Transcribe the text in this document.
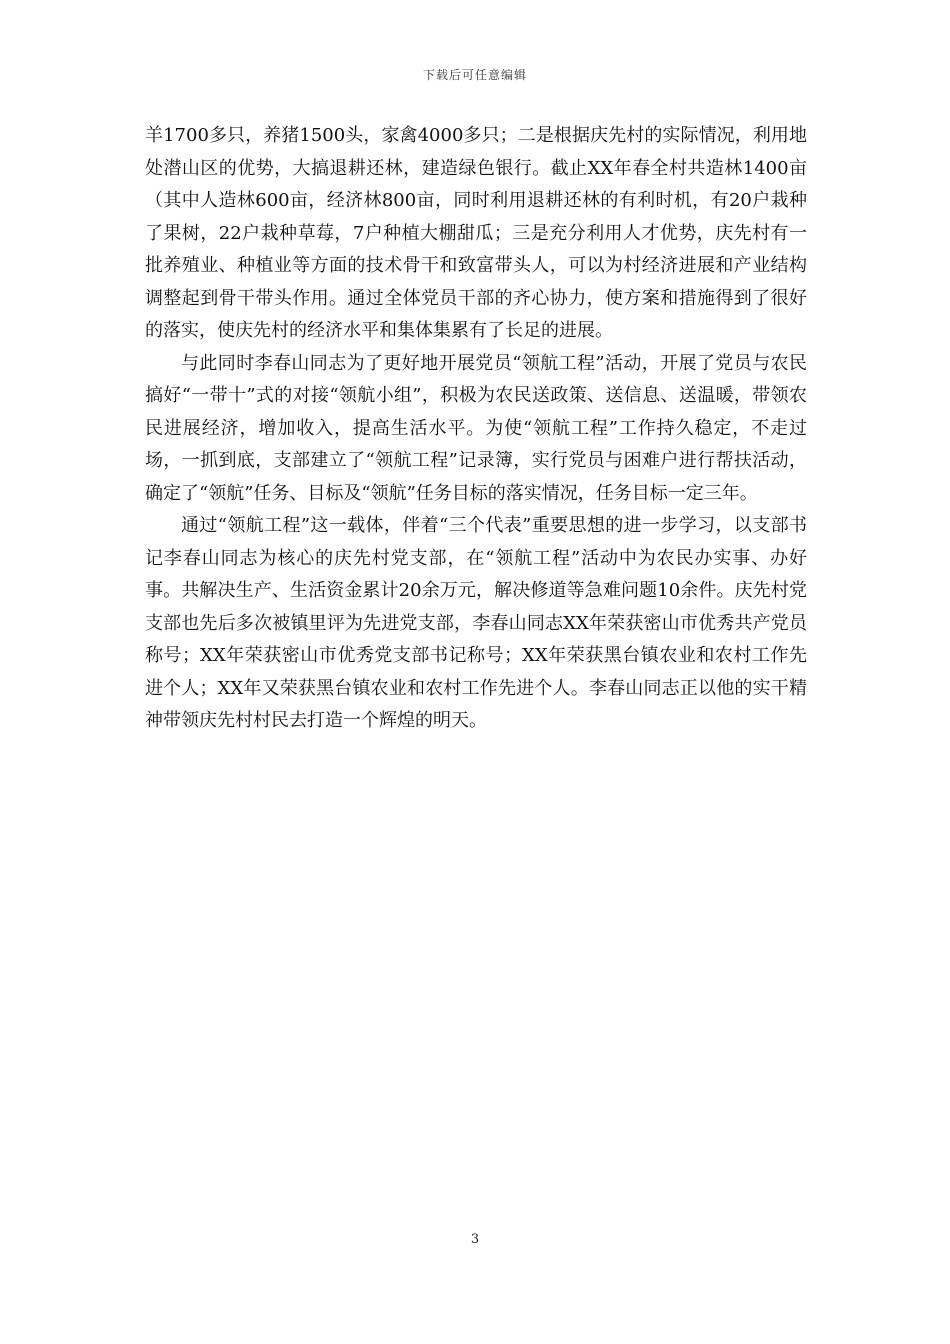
下载后可任意编辑

羊1700多只，养猪1500头，家禽4000多只；二是根据庆先村的实际情况，利用地处潜山区的优势，大搞退耕还林，建造绿色银行。截止XX年春全村共造林1400亩（其中人造林600亩，经济林800亩，同时利用退耕还林的有利时机，有20户栽种了果树，22户栽种草莓，7户种植大棚甜瓜；三是充分利用人才优势，庆先村有一批养殖业、种植业等方面的技术骨干和致富带头人，可以为村经济进展和产业结构调整起到骨干带头作用。通过全体党员干部的齐心协力，使方案和措施得到了很好的落实，使庆先村的经济水平和集体集累有了长足的进展。

与此同时李春山同志为了更好地开展党员“领航工程”活动，开展了党员与农民搞好“一带十”式的对接“领航小组”，积极为农民送政策、送信息、送温暖，带领农民进展经济，增加收入，提高生活水平。为使“领航工程”工作持久稳定，不走过场，一抓到底，支部建立了“领航工程”记录簿，实行党员与困难户进行帮扶活动，确定了“领航”任务、目标及“领航”任务目标的落实情况，任务目标一定三年。

通过“领航工程”这一载体，伴着“三个代表”重要思想的进一步学习，以支部书记李春山同志为核心的庆先村党支部，在“领航工程”活动中为农民办实事、办好事。共解决生产、生活资金累计20余万元，解决修道等急难问题10余件。庆先村党支部也先后多次被镇里评为先进党支部，李春山同志XX年荣获密山市优秀共产党员称号；XX年荣获密山市优秀党支部书记称号；XX年荣获黑台镇农业和农村工作先进个人；XX年又荣获黑台镇农业和农村工作先进个人。李春山同志正以他的实干精神带领庆先村村民去打造一个辉煌的明天。

3
